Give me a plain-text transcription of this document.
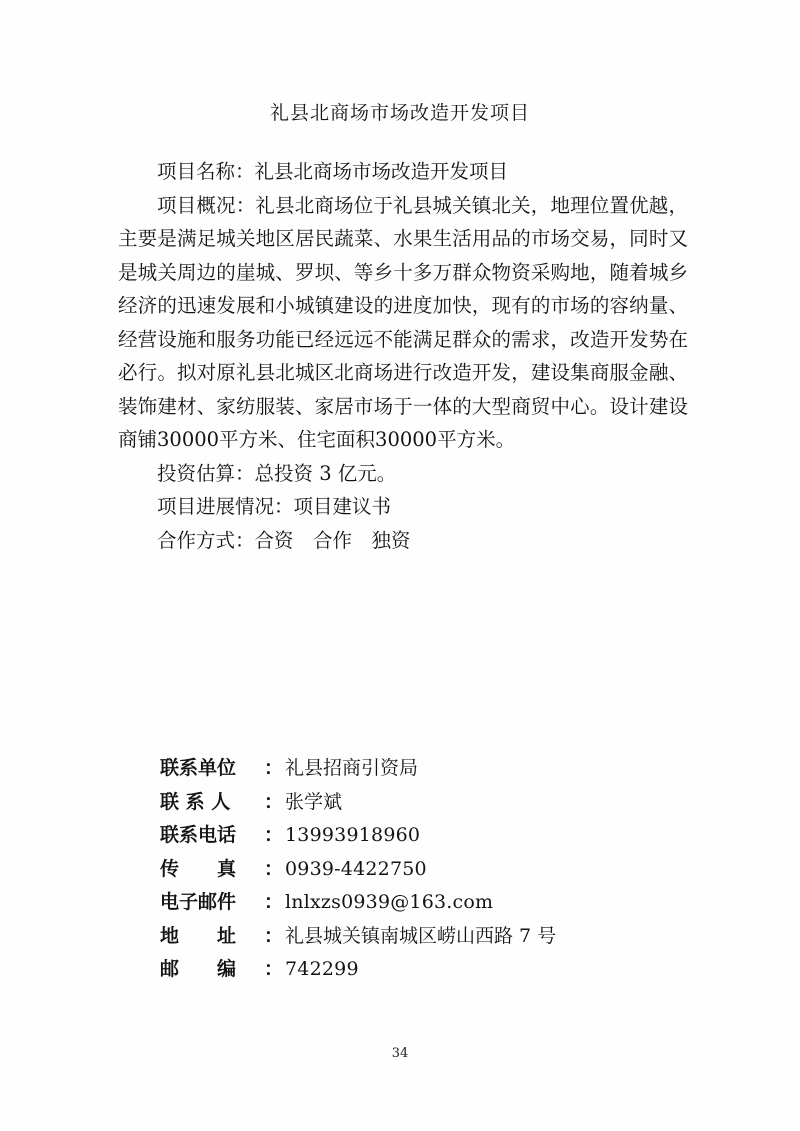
礼县北商场市场改造开发项目

项目名称：礼县北商场市场改造开发项目

项目概况：礼县北商场位于礼县城关镇北关，地理位置优越，主要是满足城关地区居民蔬菜、水果生活用品的市场交易，同时又是城关周边的崖城、罗坝、等乡十多万群众物资采购地，随着城乡经济的迅速发展和小城镇建设的进度加快，现有的市场的容纳量、经营设施和服务功能已经远远不能满足群众的需求，改造开发势在必行。拟对原礼县北城区北商场进行改造开发，建设集商服金融、装饰建材、家纺服装、家居市场于一体的大型商贸中心。设计建设商铺30000平方米、住宅面积30000平方米。

投资估算：总投资 3 亿元。

项目进展情况：项目建议书

合作方式：合资　合作　独资

联系单位	： 礼县招商引资局
联 系 人	： 张学斌
联系电话	： 13993918960
传　　真	： 0939-4422750
电子邮件	： lnlxzs0939@163.com
地　　址	： 礼县城关镇南城区崂山西路 7 号
邮　　编	： 742299
34
